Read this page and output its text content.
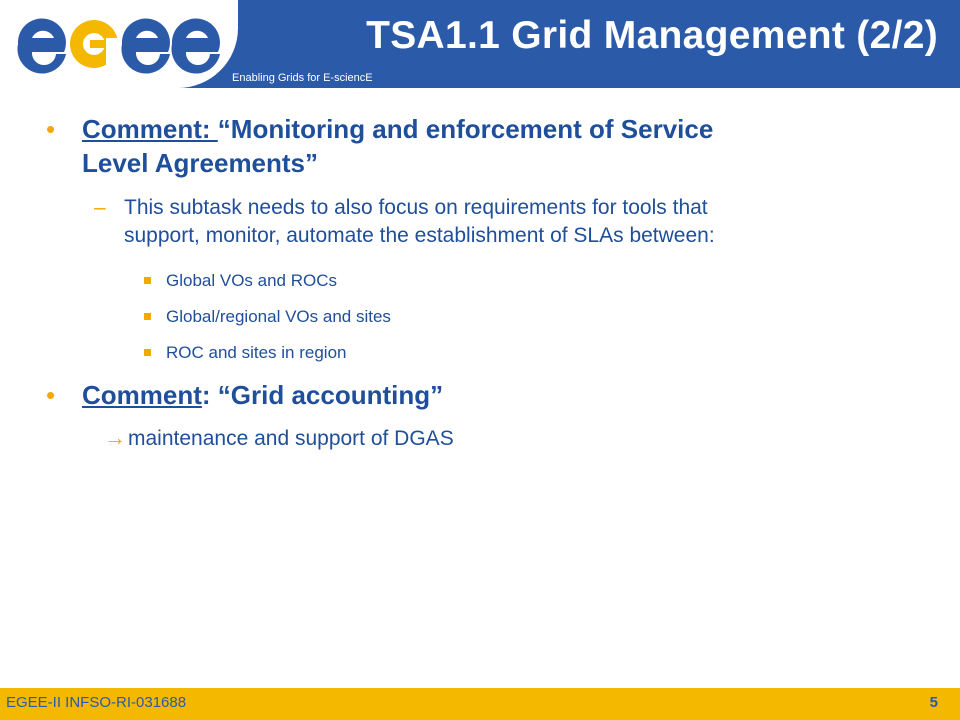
Enabling Grids for E-sciencE
TSA1.1 Grid Management (2/2)
• Comment: “Monitoring and enforcement of Service
Level Agreements”
– This subtask needs to also focus on requirements for tools that
support, monitor, automate the establishment of SLAs between:
Global VOs and ROCs
Global/regional VOs and sites
ROC and sites in region
• Comment: “Grid accounting”
→maintenance and support of DGAS
EGEE-II INFSO-RI-031688	5
